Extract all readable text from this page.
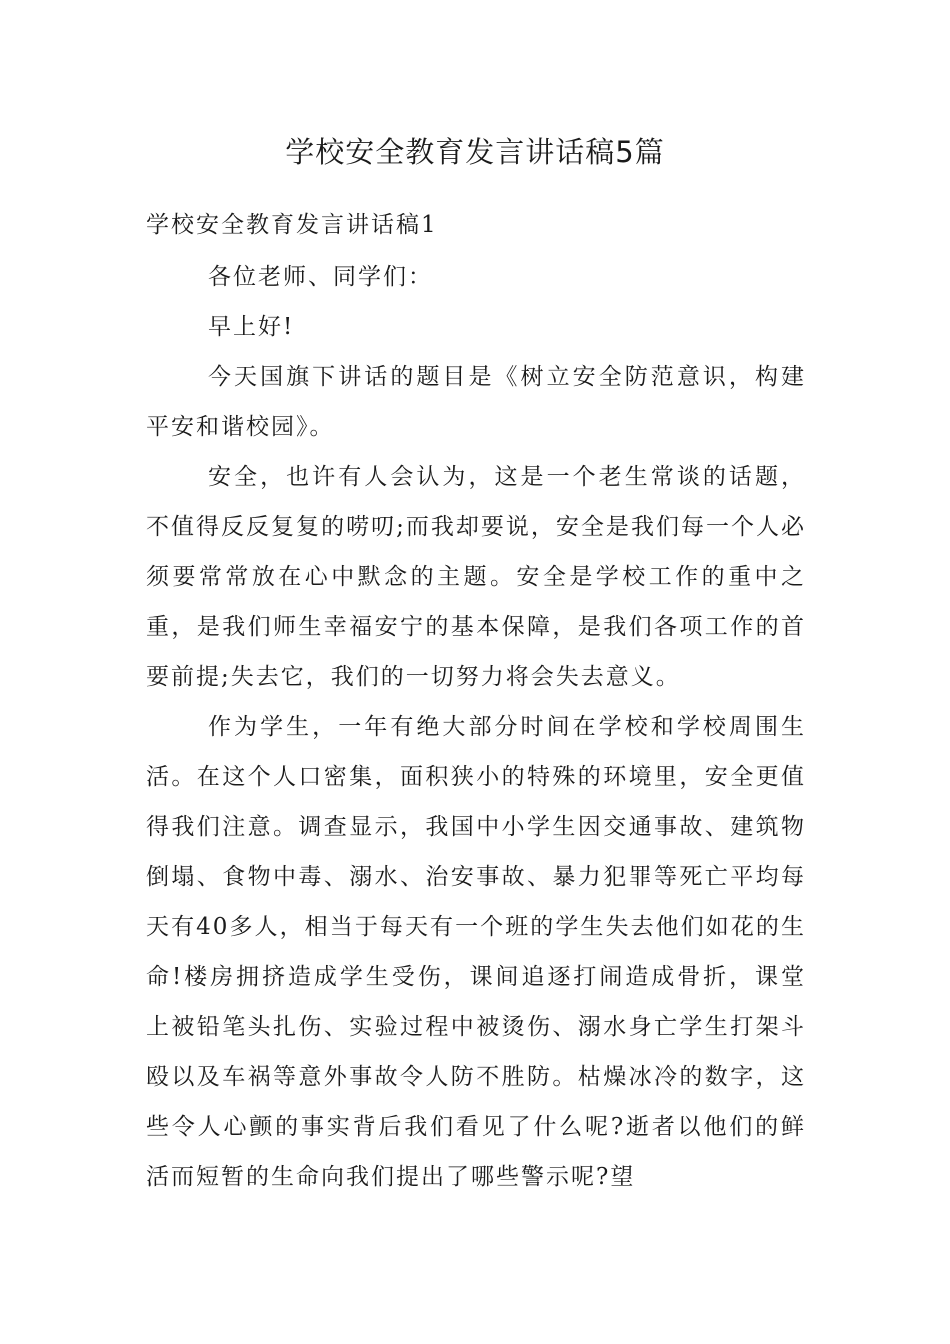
学校安全教育发言讲话稿5篇

学校安全教育发言讲话稿1

各位老师、同学们：

早上好!

今天国旗下讲话的题目是《树立安全防范意识，构建平安和谐校园》。

安全，也许有人会认为，这是一个老生常谈的话题，不值得反反复复的唠叨;而我却要说，安全是我们每一个人必须要常常放在心中默念的主题。安全是学校工作的重中之重，是我们师生幸福安宁的基本保障，是我们各项工作的首要前提;失去它，我们的一切努力将会失去意义。

作为学生，一年有绝大部分时间在学校和学校周围生活。在这个人口密集，面积狭小的特殊的环境里，安全更值得我们注意。调查显示，我国中小学生因交通事故、建筑物倒塌、食物中毒、溺水、治安事故、暴力犯罪等死亡平均每天有40多人，相当于每天有一个班的学生失去他们如花的生命!楼房拥挤造成学生受伤，课间追逐打闹造成骨折，课堂上被铅笔头扎伤、实验过程中被烫伤、溺水身亡学生打架斗殴以及车祸等意外事故令人防不胜防。枯燥冰冷的数字，这些令人心颤的事实背后我们看见了什么呢?逝者以他们的鲜活而短暂的生命向我们提出了哪些警示呢?望
